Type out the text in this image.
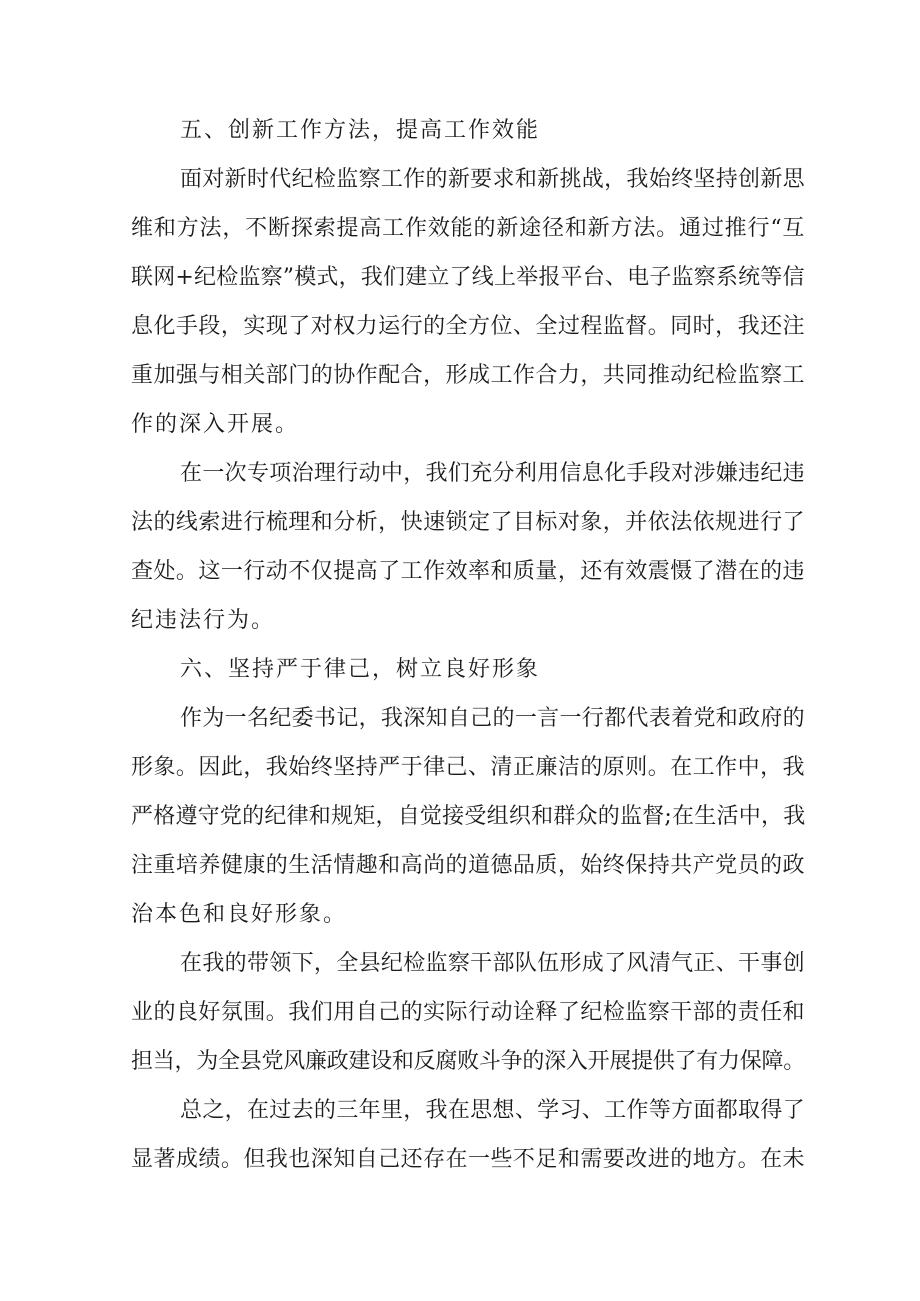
五、创新工作方法，提高工作效能

面对新时代纪检监察工作的新要求和新挑战，我始终坚持创新思

维和方法，不断探索提高工作效能的新途径和新方法。通过推行“互

联网+纪检监察”模式，我们建立了线上举报平台、电子监察系统等信

息化手段，实现了对权力运行的全方位、全过程监督。同时，我还注

重加强与相关部门的协作配合，形成工作合力，共同推动纪检监察工

作的深入开展。

在一次专项治理行动中，我们充分利用信息化手段对涉嫌违纪违

法的线索进行梳理和分析，快速锁定了目标对象，并依法依规进行了

查处。这一行动不仅提高了工作效率和质量，还有效震慑了潜在的违

纪违法行为。

六、坚持严于律己，树立良好形象

作为一名纪委书记，我深知自己的一言一行都代表着党和政府的

形象。因此，我始终坚持严于律己、清正廉洁的原则。在工作中，我

严格遵守党的纪律和规矩，自觉接受组织和群众的监督;在生活中，我

注重培养健康的生活情趣和高尚的道德品质，始终保持共产党员的政

治本色和良好形象。

在我的带领下，全县纪检监察干部队伍形成了风清气正、干事创

业的良好氛围。我们用自己的实际行动诠释了纪检监察干部的责任和

担当，为全县党风廉政建设和反腐败斗争的深入开展提供了有力保障。

总之，在过去的三年里，我在思想、学习、工作等方面都取得了

显著成绩。但我也深知自己还存在一些不足和需要改进的地方。在未
